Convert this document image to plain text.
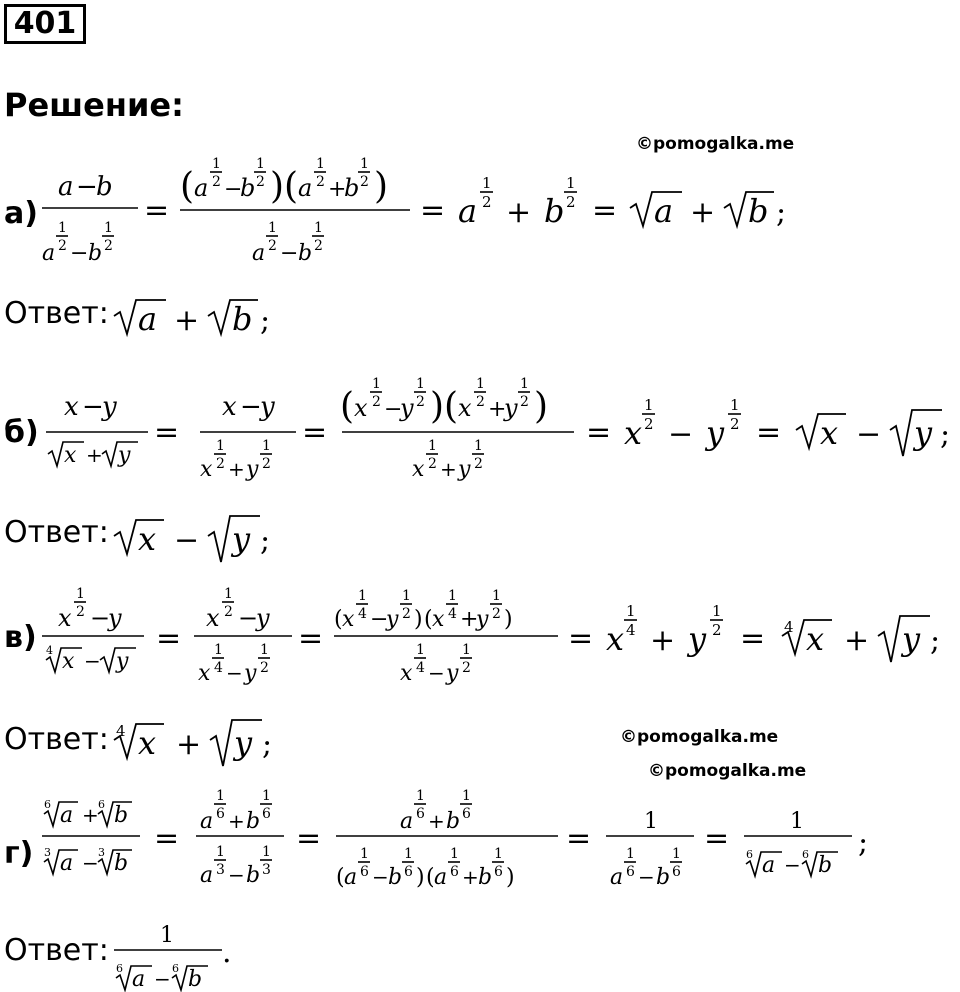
401
Решение:
©pomogalka.me
©pomogalka.me
©pomogalka.me
а)
Ответ:
б)
Ответ:
в)
Ответ:
г)
Ответ:
a −
b
a
1
2 − b
1
2
=
( a
1
2 −
b
1
2 ) ( a
1
2 +
b
1
2 )
a
1
2 − b
1
2
= a
1
2 + b
1
2 = a + b ;
a + b ;
x −
y
x + y
=
x −
y
x
1
2 + y
1
2
=
( x
1
2 −
y
1
2 ) ( x
1
2 +
y
1
2 )
x
1
2 + y
1
2
= x
1
2 − y
1
2 = x − y ;
x − y ;
x
1
2 −
y
4 x − y
=
x
1
2 −
y
x
1
4 − y
1
2
=
( x
1
4 −
y
1
2 ) ( x
1
4 +
y
1
2 )
x
1
4 − y
1
2
= x
1
4 + y
1
2 = 4 x + y ;
4 x + y ;
6 a + 6 b
3 a − 3 b
= a
1
6 + b
1
6
a
1
3 − b
1
3
=	a
1
6 + b
1
6
( a
1
6 − b
1
6 ) ( a
1
6 + b
1
6 )
= 1
a
1
6 − b
1
6
=	1
6 a − 6 b
;
1
6 a − 6 b
.
